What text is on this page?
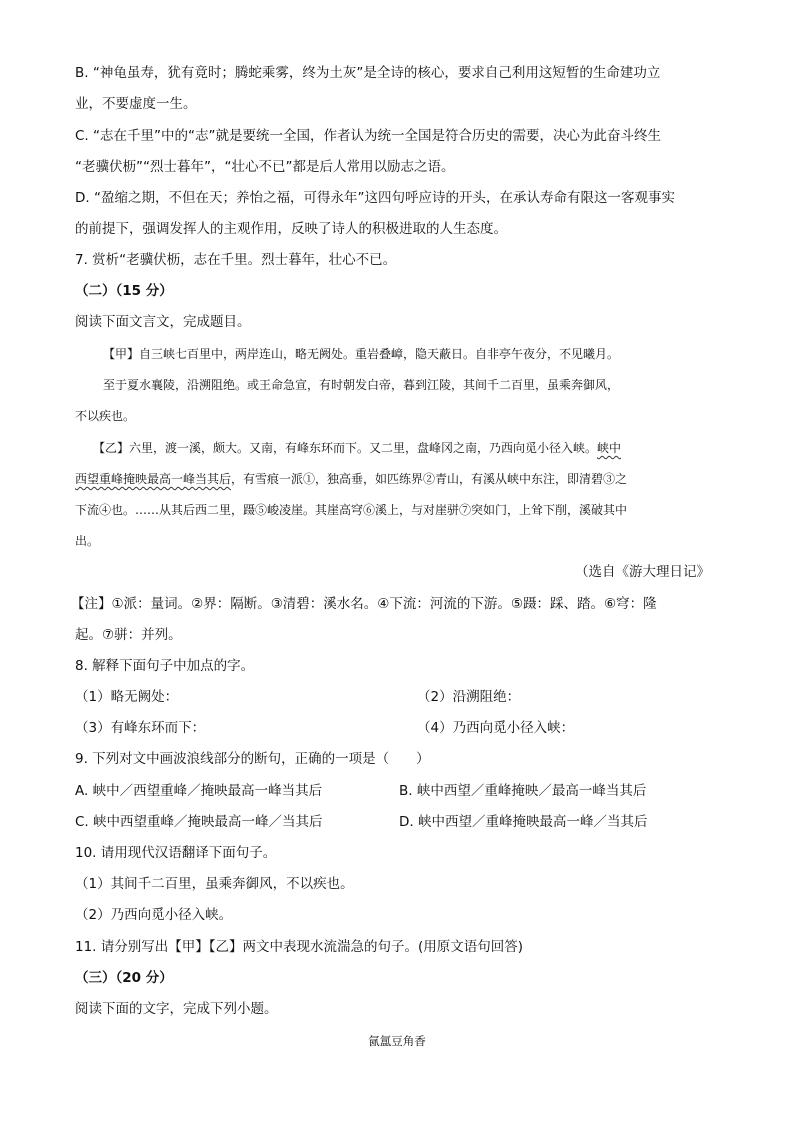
B. “神龟虽寿，犹有竟时；腾蛇乘雾，终为土灰”是全诗的核心，要求自己利用这短暂的生命建功立
业，不要虚度一生。
C. “志在千里”中的“志”就是要统一全国，作者认为统一全国是符合历史的需要，决心为此奋斗终生
“老骥伏枥”“烈士暮年”，“壮心不已”都是后人常用以励志之语。
D. “盈缩之期，不但在天；养怡之福，可得永年”这四句呼应诗的开头，在承认寿命有限这一客观事实
的前提下，强调发挥人的主观作用，反映了诗人的积极进取的人生态度。
7. 赏析“老骥伏枥，志在千里。烈士暮年，壮心不已。
（二）（15 分）
阅读下面文言文，完成题目。
【甲】自三峡七百里中，两岸连山，略无阙处。重岩叠嶂，隐天蔽日。自非亭午夜分，不见曦月。
至于夏水襄陵，沿溯阻绝。或王命急宣，有时朝发白帝，暮到江陵，其间千二百里，虽乘奔御风，
不以疾也。
【乙】六里，渡一溪，颇大。又南，有峰东环而下。又二里，盘峰冈之南，乃西向觅小径入峡。峡中
西望重峰掩映最高一峰当其后，有雪痕一派①，独高垂，如匹练界②青山，有溪从峡中东注，即清碧③之
下流④也。……从其后西二里，蹑⑤峻凌崖。其崖高穹⑥溪上，与对崖骈⑦突如门，上耸下削，溪破其中
出。
（选自《游大理日记》
【注】①派：量词。②界：隔断。③清碧：溪水名。④下流：河流的下游。⑤蹑：踩、踏。⑥穹：隆
起。⑦骈：并列。
8. 解释下面句子中加点的字。
（1）略无阙处：	（2）沿溯阻绝：
（3）有峰东环而下：	（4）乃西向觅小径入峡：
9. 下列对文中画波浪线部分的断句，正确的一项是（　　）
A. 峡中／西望重峰／掩映最高一峰当其后	B. 峡中西望／重峰掩映／最高一峰当其后
C. 峡中西望重峰／掩映最高一峰／当其后	D. 峡中西望／重峰掩映最高一峰／当其后
10. 请用现代汉语翻译下面句子。
（1）其间千二百里，虽乘奔御风，不以疾也。
（2）乃西向觅小径入峡。
11. 请分别写出【甲】【乙】两文中表现水流湍急的句子。(用原文语句回答)
（三）（20 分）
阅读下面的文字，完成下列小题。
氤氲豆角香
